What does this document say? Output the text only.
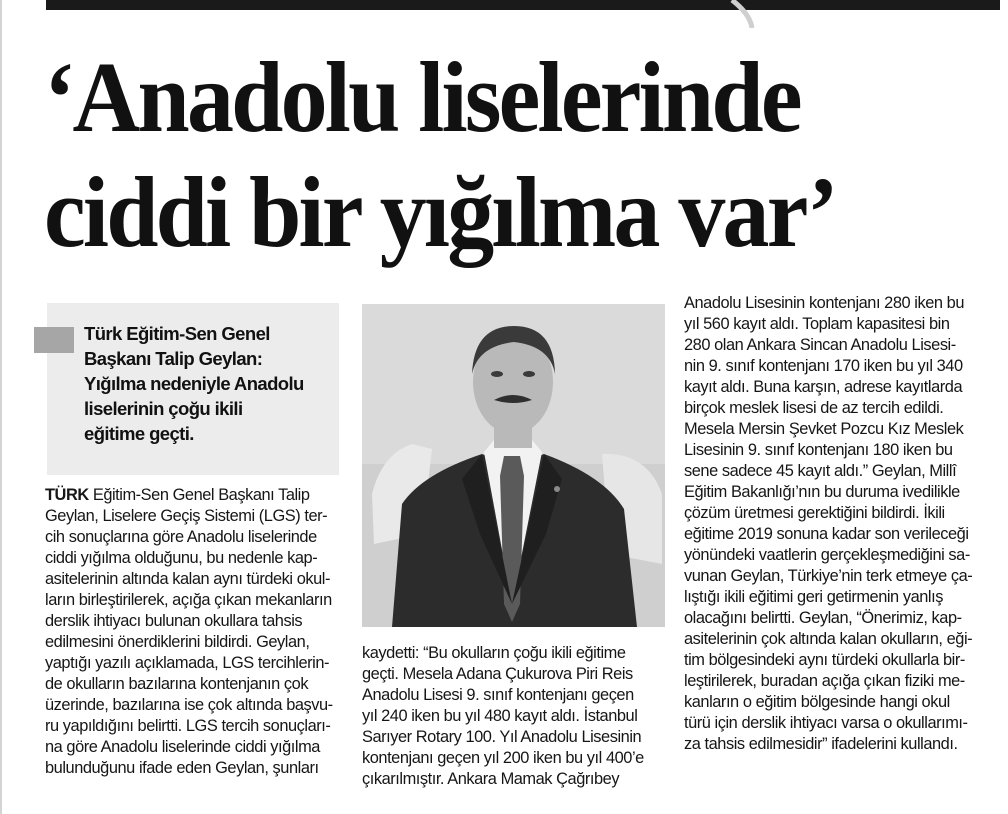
‘Anadolu liselerinde
ciddi bir yığılma var’

Türk Eğitim-Sen Genel
Başkanı Talip Geylan:
Yığılma nedeniyle Anadolu
liselerinin çoğu ikili
eğitime geçti.

TÜRK Eğitim-Sen Genel Başkanı Talip
Geylan, Liselere Geçiş Sistemi (LGS) ter-
cih sonuçlarına göre Anadolu liselerinde
ciddi yığılma olduğunu, bu nedenle kap-
asitelerinin altında kalan aynı türdeki okul-
ların birleştirilerek, açığa çıkan mekanların
derslik ihtiyacı bulunan okullara tahsis
edilmesini önerdiklerini bildirdi. Geylan,
yaptığı yazılı açıklamada, LGS tercihlerin-
de okulların bazılarına kontenjanın çok
üzerinde, bazılarına ise çok altında başvu-
ru yapıldığını belirtti. LGS tercih sonuçları-
na göre Anadolu liselerinde ciddi yığılma
bulunduğunu ifade eden Geylan, şunları

kaydetti: “Bu okulların çoğu ikili eğitime
geçti. Mesela Adana Çukurova Piri Reis
Anadolu Lisesi 9. sınıf kontenjanı geçen
yıl 240 iken bu yıl 480 kayıt aldı. İstanbul
Sarıyer Rotary 100. Yıl Anadolu Lisesinin
kontenjanı geçen yıl 200 iken bu yıl 400’e
çıkarılmıştır. Ankara Mamak Çağrıbey

Anadolu Lisesinin kontenjanı 280 iken bu
yıl 560 kayıt aldı. Toplam kapasitesi bin
280 olan Ankara Sincan Anadolu Lisesi-
nin 9. sınıf kontenjanı 170 iken bu yıl 340
kayıt aldı. Buna karşın, adrese kayıtlarda
birçok meslek lisesi de az tercih edildi.
Mesela Mersin Şevket Pozcu Kız Meslek
Lisesinin 9. sınıf kontenjanı 180 iken bu
sene sadece 45 kayıt aldı.” Geylan, Millî
Eğitim Bakanlığı’nın bu duruma ivedilikle
çözüm üretmesi gerektiğini bildirdi. İkili
eğitime 2019 sonuna kadar son verileceği
yönündeki vaatlerin gerçekleşmediğini sa-
vunan Geylan, Türkiye’nin terk etmeye ça-
lıştığı ikili eğitimi geri getirmenin yanlış
olacağını belirtti. Geylan, “Önerimiz, kap-
asitelerinin çok altında kalan okulların, eği-
tim bölgesindeki aynı türdeki okullarla bir-
leştirilerek, buradan açığa çıkan fiziki me-
kanların o eğitim bölgesinde hangi okul
türü için derslik ihtiyacı varsa o okullarımı-
za tahsis edilmesidir” ifadelerini kullandı.
